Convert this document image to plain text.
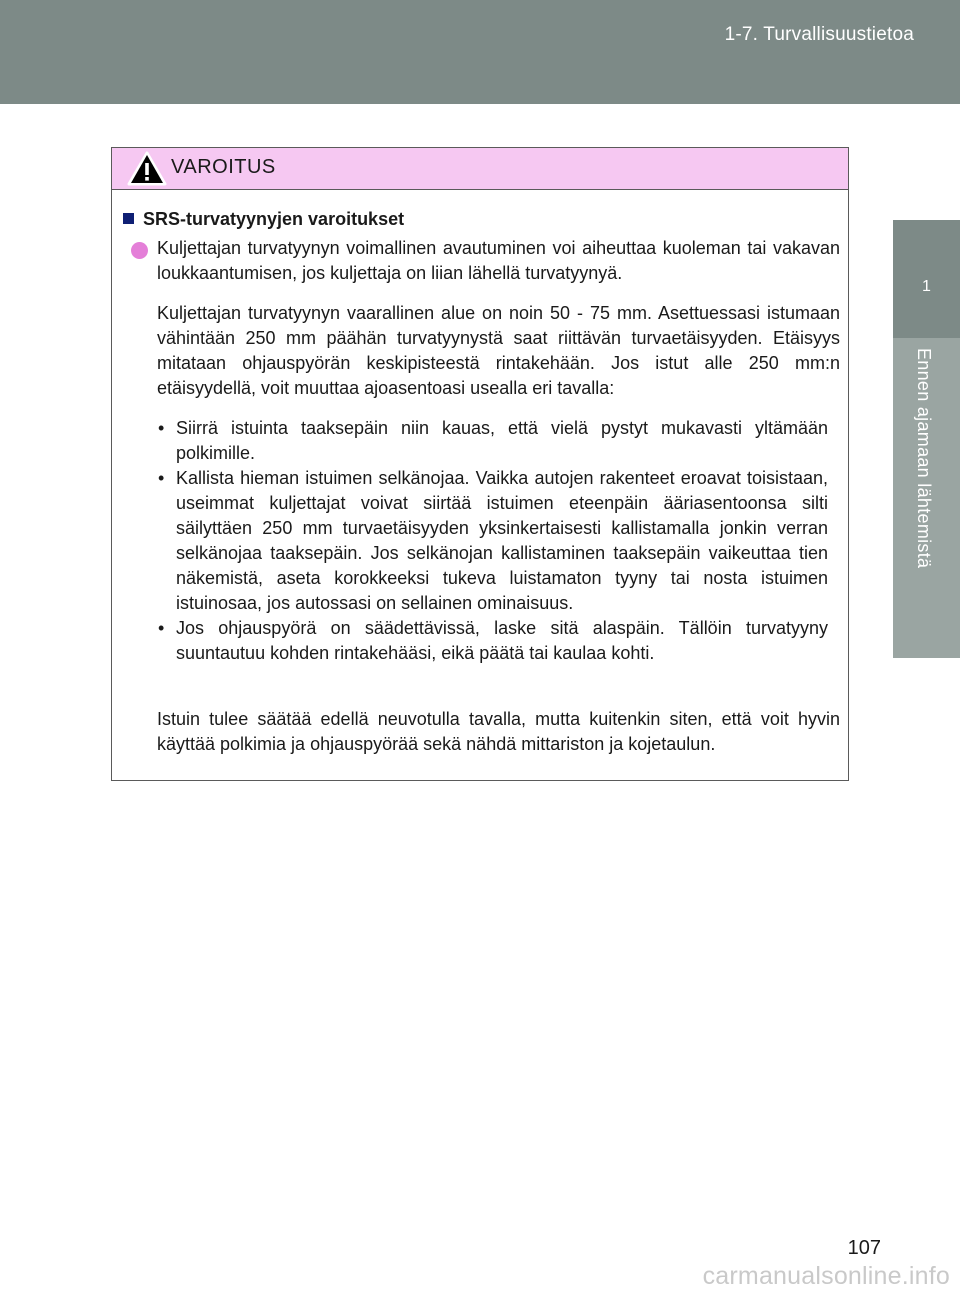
1-7. Turvallisuustietoa
1
Ennen ajamaan lähtemistä
VAROITUS
SRS-turvatyynyjen varoitukset

Kuljettajan turvatyynyn voimallinen avautuminen voi aiheuttaa kuoleman tai vakavan loukkaantumisen, jos kuljettaja on liian lähellä turvatyynyä.

Kuljettajan turvatyynyn vaarallinen alue on noin 50 - 75 mm. Asettuessasi istumaan vähintään 250 mm päähän turvatyynystä saat riittävän turvaetäisyyden. Etäisyys mitataan ohjauspyörän keskipisteestä rintakehään. Jos istut alle 250 mm:n etäisyydellä, voit muuttaa ajoasentoasi usealla eri tavalla:

• Siirrä istuinta taaksepäin niin kauas, että vielä pystyt mukavasti yltämään polkimille.
• Kallista hieman istuimen selkänojaa. Vaikka autojen rakenteet eroavat toisistaan, useimmat kuljettajat voivat siirtää istuimen eteenpäin ääriasentoonsa silti säilyttäen 250 mm turvaetäisyyden yksinkertaisesti kallistamalla jonkin verran selkänojaa taaksepäin. Jos selkänojan kallistaminen taaksepäin vaikeuttaa tien näkemistä, aseta korokkeeksi tukeva luistamaton tyyny tai nosta istuimen istuinosaa, jos autossasi on sellainen ominaisuus.
• Jos ohjauspyörä on säädettävissä, laske sitä alaspäin. Tällöin turvatyyny suuntautuu kohden rintakehääsi, eikä päätä tai kaulaa kohti.

Istuin tulee säätää edellä neuvotulla tavalla, mutta kuitenkin siten, että voit hyvin käyttää polkimia ja ohjauspyörää sekä nähdä mittariston ja kojetaulun.

107
carmanualsonline.info
